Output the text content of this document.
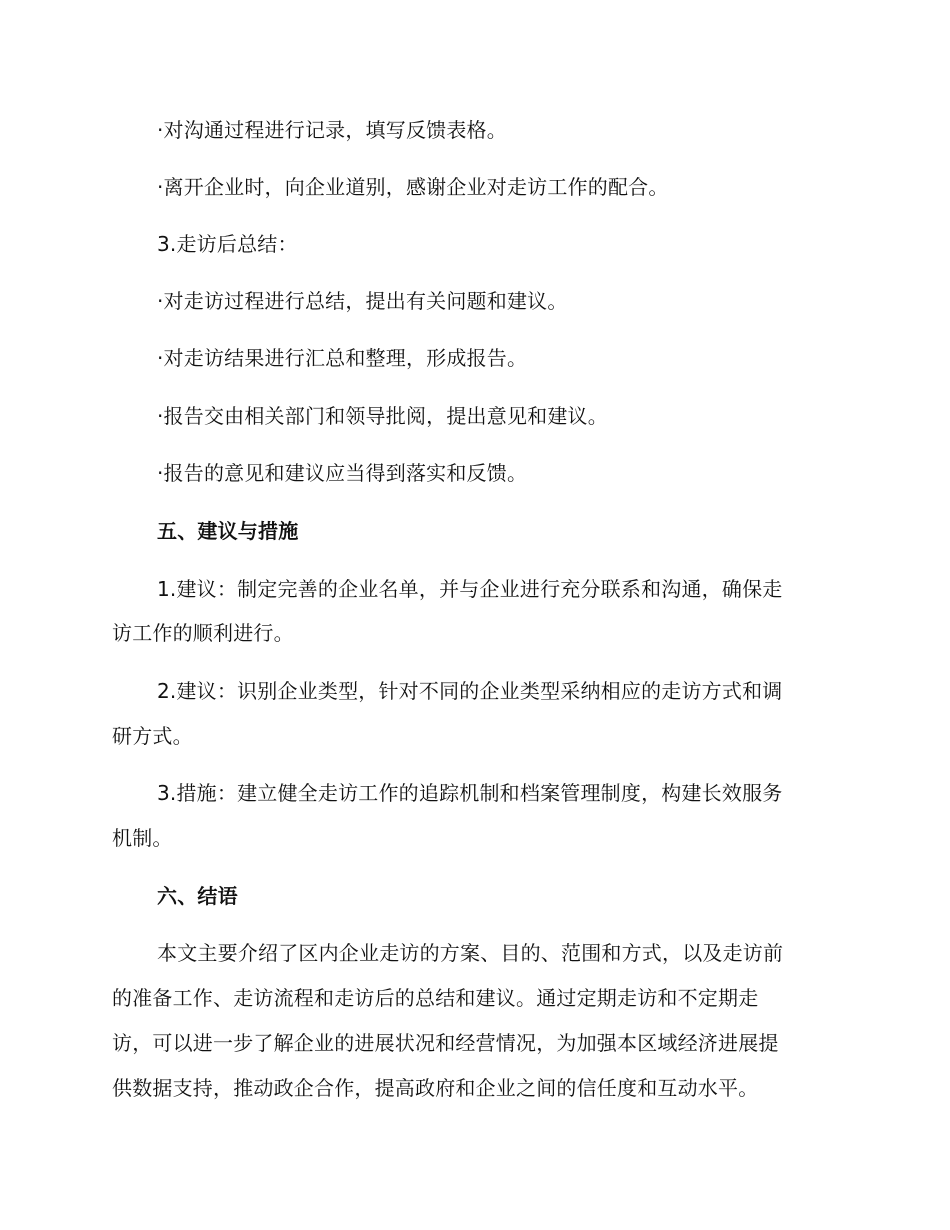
·对沟通过程进行记录，填写反馈表格。
·离开企业时，向企业道别，感谢企业对走访工作的配合。
3.走访后总结：
·对走访过程进行总结，提出有关问题和建议。
·对走访结果进行汇总和整理，形成报告。
·报告交由相关部门和领导批阅，提出意见和建议。
·报告的意见和建议应当得到落实和反馈。
五、建议与措施
1.建议：制定完善的企业名单，并与企业进行充分联系和沟通，确保走
访工作的顺利进行。
2.建议：识别企业类型，针对不同的企业类型采纳相应的走访方式和调
研方式。
3.措施：建立健全走访工作的追踪机制和档案管理制度，构建长效服务
机制。
六、结语
本文主要介绍了区内企业走访的方案、目的、范围和方式，以及走访前
的准备工作、走访流程和走访后的总结和建议。通过定期走访和不定期走
访，可以进一步了解企业的进展状况和经营情况，为加强本区域经济进展提
供数据支持，推动政企合作，提高政府和企业之间的信任度和互动水平。
